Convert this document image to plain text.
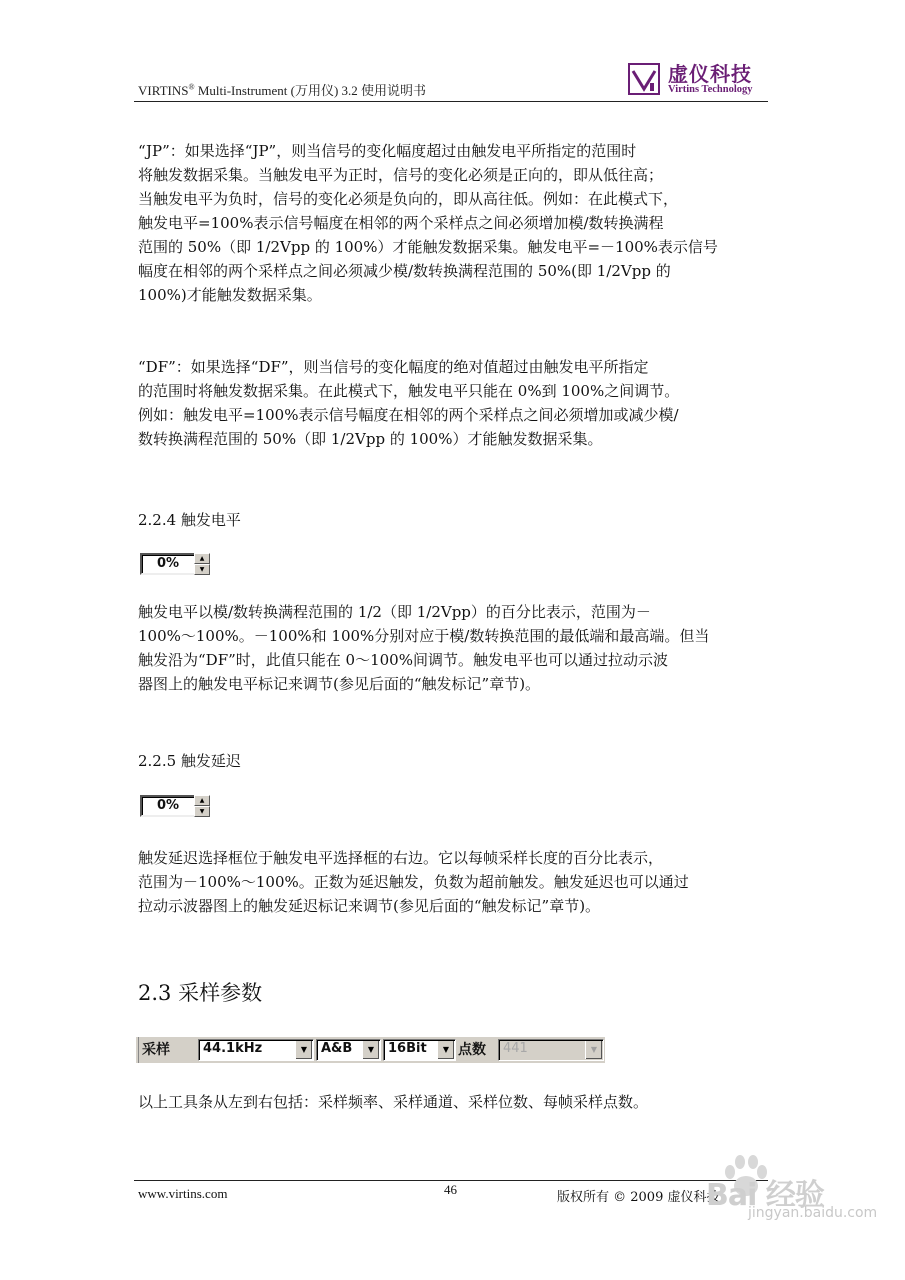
VIRTINS® Multi-Instrument (万用仪) 3.2 使用说明书
虚仪科技
Virtins Technology

“JP”：如果选择“JP”，则当信号的变化幅度超过由触发电平所指定的范围时

将触发数据采集。当触发电平为正时，信号的变化必须是正向的，即从低往高；

当触发电平为负时，信号的变化必须是负向的，即从高往低。例如：在此模式下，

触发电平=100%表示信号幅度在相邻的两个采样点之间必须增加模/数转换满程

范围的 50%（即 1/2Vpp 的 100%）才能触发数据采集。触发电平=－100%表示信号

幅度在相邻的两个采样点之间必须减少模/数转换满程范围的 50%(即 1/2Vpp 的

100%)才能触发数据采集。

“DF”：如果选择“DF”，则当信号的变化幅度的绝对值超过由触发电平所指定

的范围时将触发数据采集。在此模式下，触发电平只能在 0%到 100%之间调节。

例如：触发电平=100%表示信号幅度在相邻的两个采样点之间必须增加或减少模/

数转换满程范围的 50%（即 1/2Vpp 的 100%）才能触发数据采集。

2.2.4 触发电平
0%	▲
▼

触发电平以模/数转换满程范围的 1/2（即 1/2Vpp）的百分比表示，范围为－

100%～100%。－100%和 100%分别对应于模/数转换范围的最低端和最高端。但当

触发沿为“DF”时，此值只能在 0～100%间调节。触发电平也可以通过拉动示波

器图上的触发电平标记来调节(参见后面的“触发标记”章节)。

2.2.5 触发延迟
0%	▲
▼

触发延迟选择框位于触发电平选择框的右边。它以每帧采样长度的百分比表示，

范围为－100%～100%。正数为延迟触发，负数为超前触发。触发延迟也可以通过

拉动示波器图上的触发延迟标记来调节(参见后面的“触发标记”章节)。

2.3 采样参数
采样	44.1kHz	▼	A&B	▼	16Bit	▼ 点数 441	▼
以上工具条从左到右包括：采样频率、采样通道、采样位数、每帧采样点数。
www.virtins.com	46
版权所有 © 2009 虚仪科技
Bai 经验
jingyan.baidu.com
